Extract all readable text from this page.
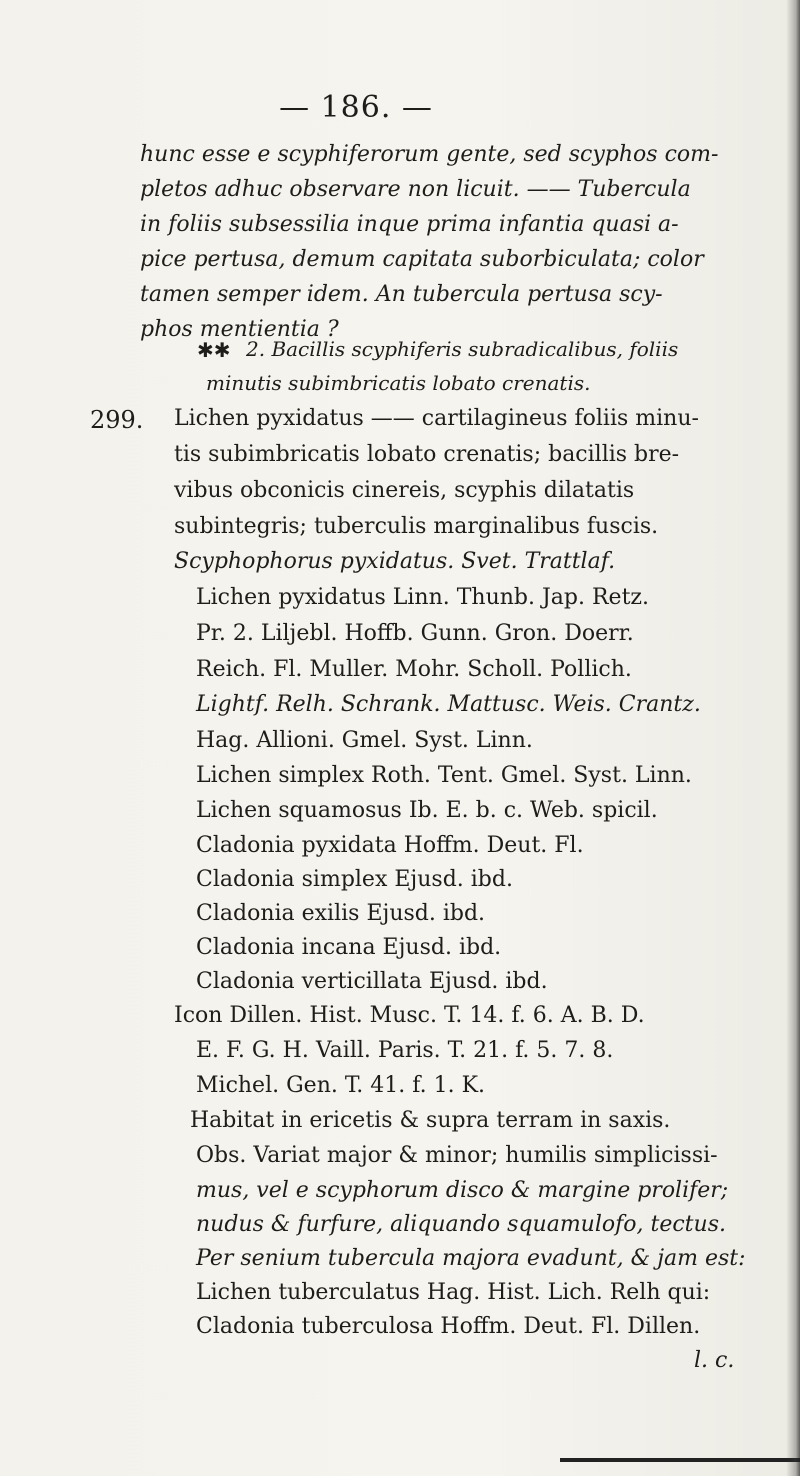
— 186. —
hunc esse e scyphiferorum gente, sed scyphos com-
pletos adhuc observare non licuit. —— Tubercula
in foliis subsessilia inque prima infantia quasi a-
pice pertusa, demum capitata suborbiculata; color
tamen semper idem. An tubercula pertusa scy-
phos mentientia ?
✱✱ 2. Bacillis scyphiferis subradicalibus, foliis
minutis subimbricatis lobato crenatis.
299. Lichen pyxidatus —— cartilagineus foliis minu-
tis subimbricatis lobato crenatis; bacillis bre-
vibus obconicis cinereis, scyphis dilatatis
subintegris; tuberculis marginalibus fuscis.
Scyphophorus pyxidatus. Svet. Trattlaf.
Lichen pyxidatus Linn. Thunb. Jap. Retz.
Pr. 2. Liljebl. Hoffb. Gunn. Gron. Doerr.
Reich. Fl. Muller. Mohr. Scholl. Pollich.
Lightf. Relh. Schrank. Mattusc. Weis. Crantz.
Hag. Allioni. Gmel. Syst. Linn.
Lichen simplex Roth. Tent. Gmel. Syst. Linn.
Lichen squamosus Ib. E. b. c. Web. spicil.
Cladonia pyxidata Hoffm. Deut. Fl.
Cladonia simplex Ejusd. ibd.
Cladonia exilis Ejusd. ibd.
Cladonia incana Ejusd. ibd.
Cladonia verticillata Ejusd. ibd.
Icon Dillen. Hist. Musc. T. 14. f. 6. A. B. D.
E. F. G. H. Vaill. Paris. T. 21. f. 5. 7. 8.
Michel. Gen. T. 41. f. 1. K.
Habitat in ericetis & supra terram in saxis.
Obs. Variat major & minor; humilis simplicissi-
mus, vel e scyphorum disco & margine prolifer;
nudus & furfure, aliquando squamulofo, tectus.
Per senium tubercula majora evadunt, & jam est:
Lichen tuberculatus Hag. Hist. Lich. Relh qui:
Cladonia tuberculosa Hoffm. Deut. Fl. Dillen.
l. c.
